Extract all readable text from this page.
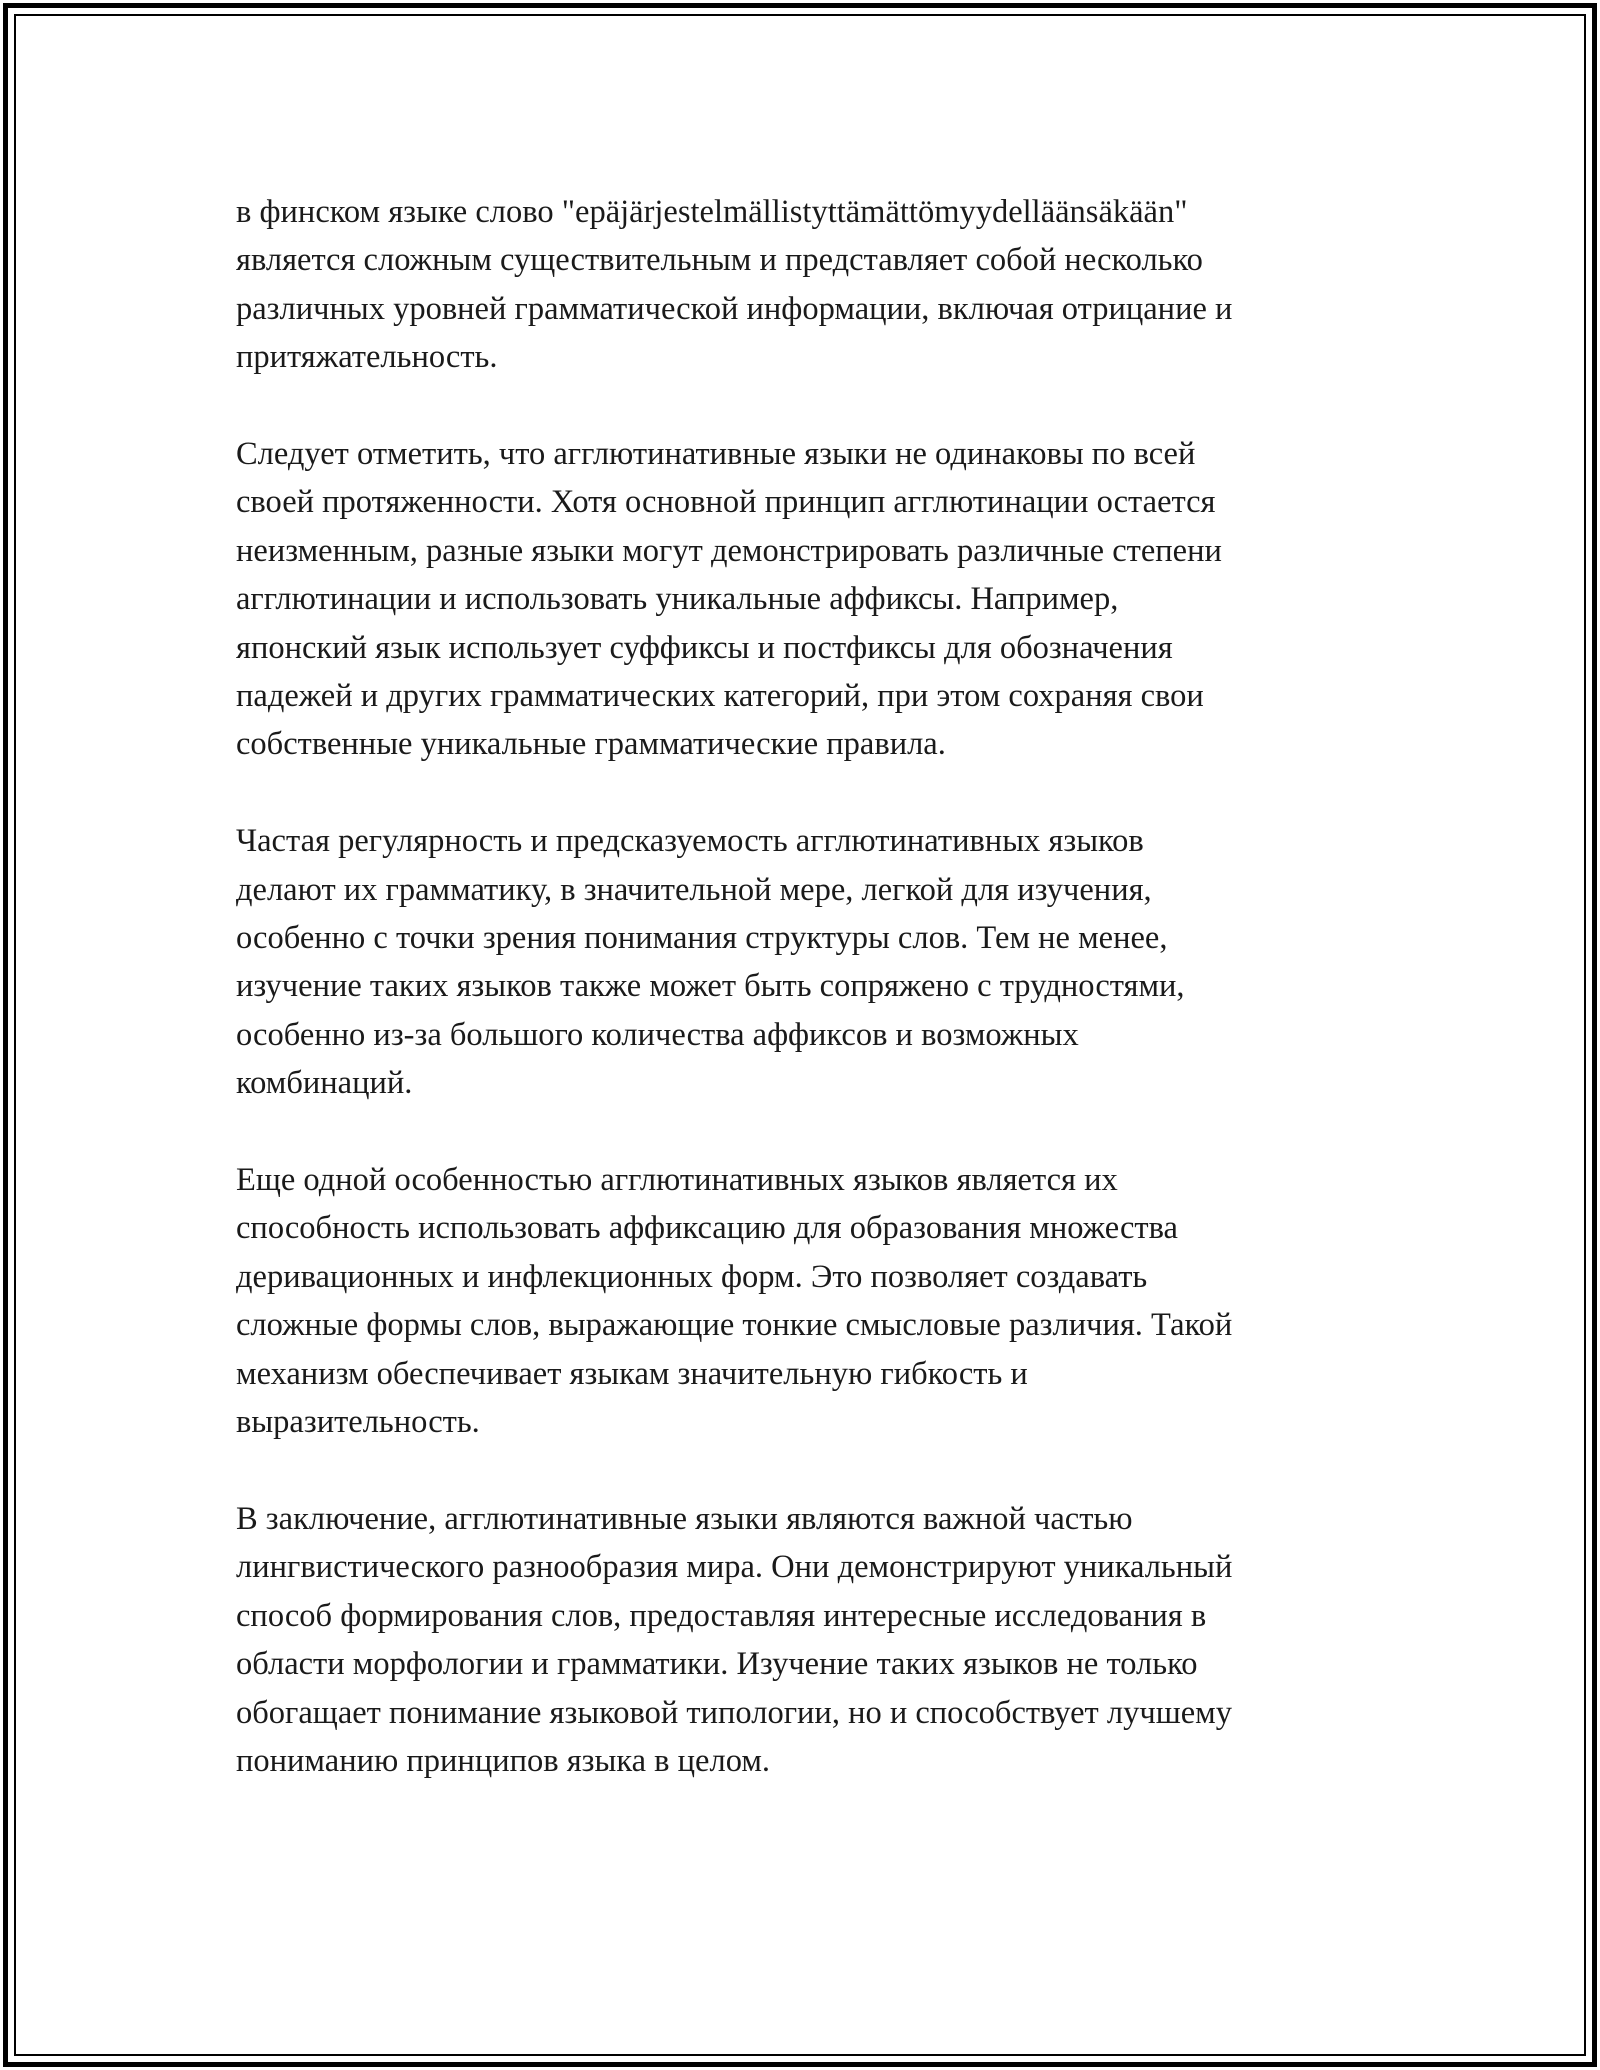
в финском языке слово "epäjärjestelmällistyttämättömyydelläänsäkään"
является сложным существительным и представляет собой несколько
различных уровней грамматической информации, включая отрицание и
притяжательность.

Следует отметить, что агглютинативные языки не одинаковы по всей
своей протяженности. Хотя основной принцип агглютинации остается
неизменным, разные языки могут демонстрировать различные степени
агглютинации и использовать уникальные аффиксы. Например,
японский язык использует суффиксы и постфиксы для обозначения
падежей и других грамматических категорий, при этом сохраняя свои
собственные уникальные грамматические правила.

Частая регулярность и предсказуемость агглютинативных языков
делают их грамматику, в значительной мере, легкой для изучения,
особенно с точки зрения понимания структуры слов. Тем не менее,
изучение таких языков также может быть сопряжено с трудностями,
особенно из-за большого количества аффиксов и возможных
комбинаций.

Еще одной особенностью агглютинативных языков является их
способность использовать аффиксацию для образования множества
деривационных и инфлекционных форм. Это позволяет создавать
сложные формы слов, выражающие тонкие смысловые различия. Такой
механизм обеспечивает языкам значительную гибкость и
выразительность.

В заключение, агглютинативные языки являются важной частью
лингвистического разнообразия мира. Они демонстрируют уникальный
способ формирования слов, предоставляя интересные исследования в
области морфологии и грамматики. Изучение таких языков не только
обогащает понимание языковой типологии, но и способствует лучшему
пониманию принципов языка в целом.
